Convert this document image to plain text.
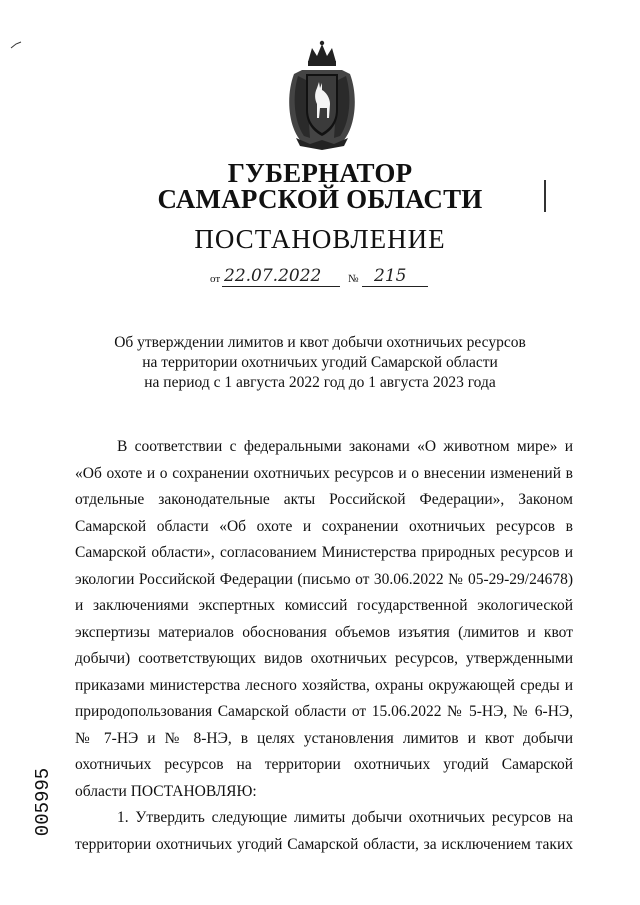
ГУБЕРНАТОР
САМАРСКОЙ ОБЛАСТИ
ПОСТАНОВЛЕНИЕ
от 22.07.2022 № 215
Об утверждении лимитов и квот добычи охотничьих ресурсов
на территории охотничьих угодий Самарской области
на период с 1 августа 2022 год до 1 августа 2023 года
В соответствии с федеральными законами «О животном мире» и
«Об охоте и о сохранении охотничьих ресурсов и о внесении изменений в
отдельные законодательные акты Российской Федерации», Законом
Самарской области «Об охоте и сохранении охотничьих ресурсов в
Самарской области», согласованием Министерства природных ресурсов и
экологии Российской Федерации (письмо от 30.06.2022 № 05-29-29/24678)
и заключениями экспертных комиссий государственной экологической
экспертизы материалов обоснования объемов изъятия (лимитов и квот
добычи) соответствующих видов охотничьих ресурсов, утвержденными
приказами министерства лесного хозяйства, охраны окружающей среды и
природопользования Самарской области от 15.06.2022 № 5-НЭ, № 6-НЭ,
№ 7-НЭ и № 8-НЭ, в целях установления лимитов и квот добычи
охотничьих ресурсов на территории охотничьих угодий Самарской
области ПОСТАНОВЛЯЮ:
1. Утвердить следующие лимиты добычи охотничьих ресурсов на
территории охотничьих угодий Самарской области, за исключением таких
005995
